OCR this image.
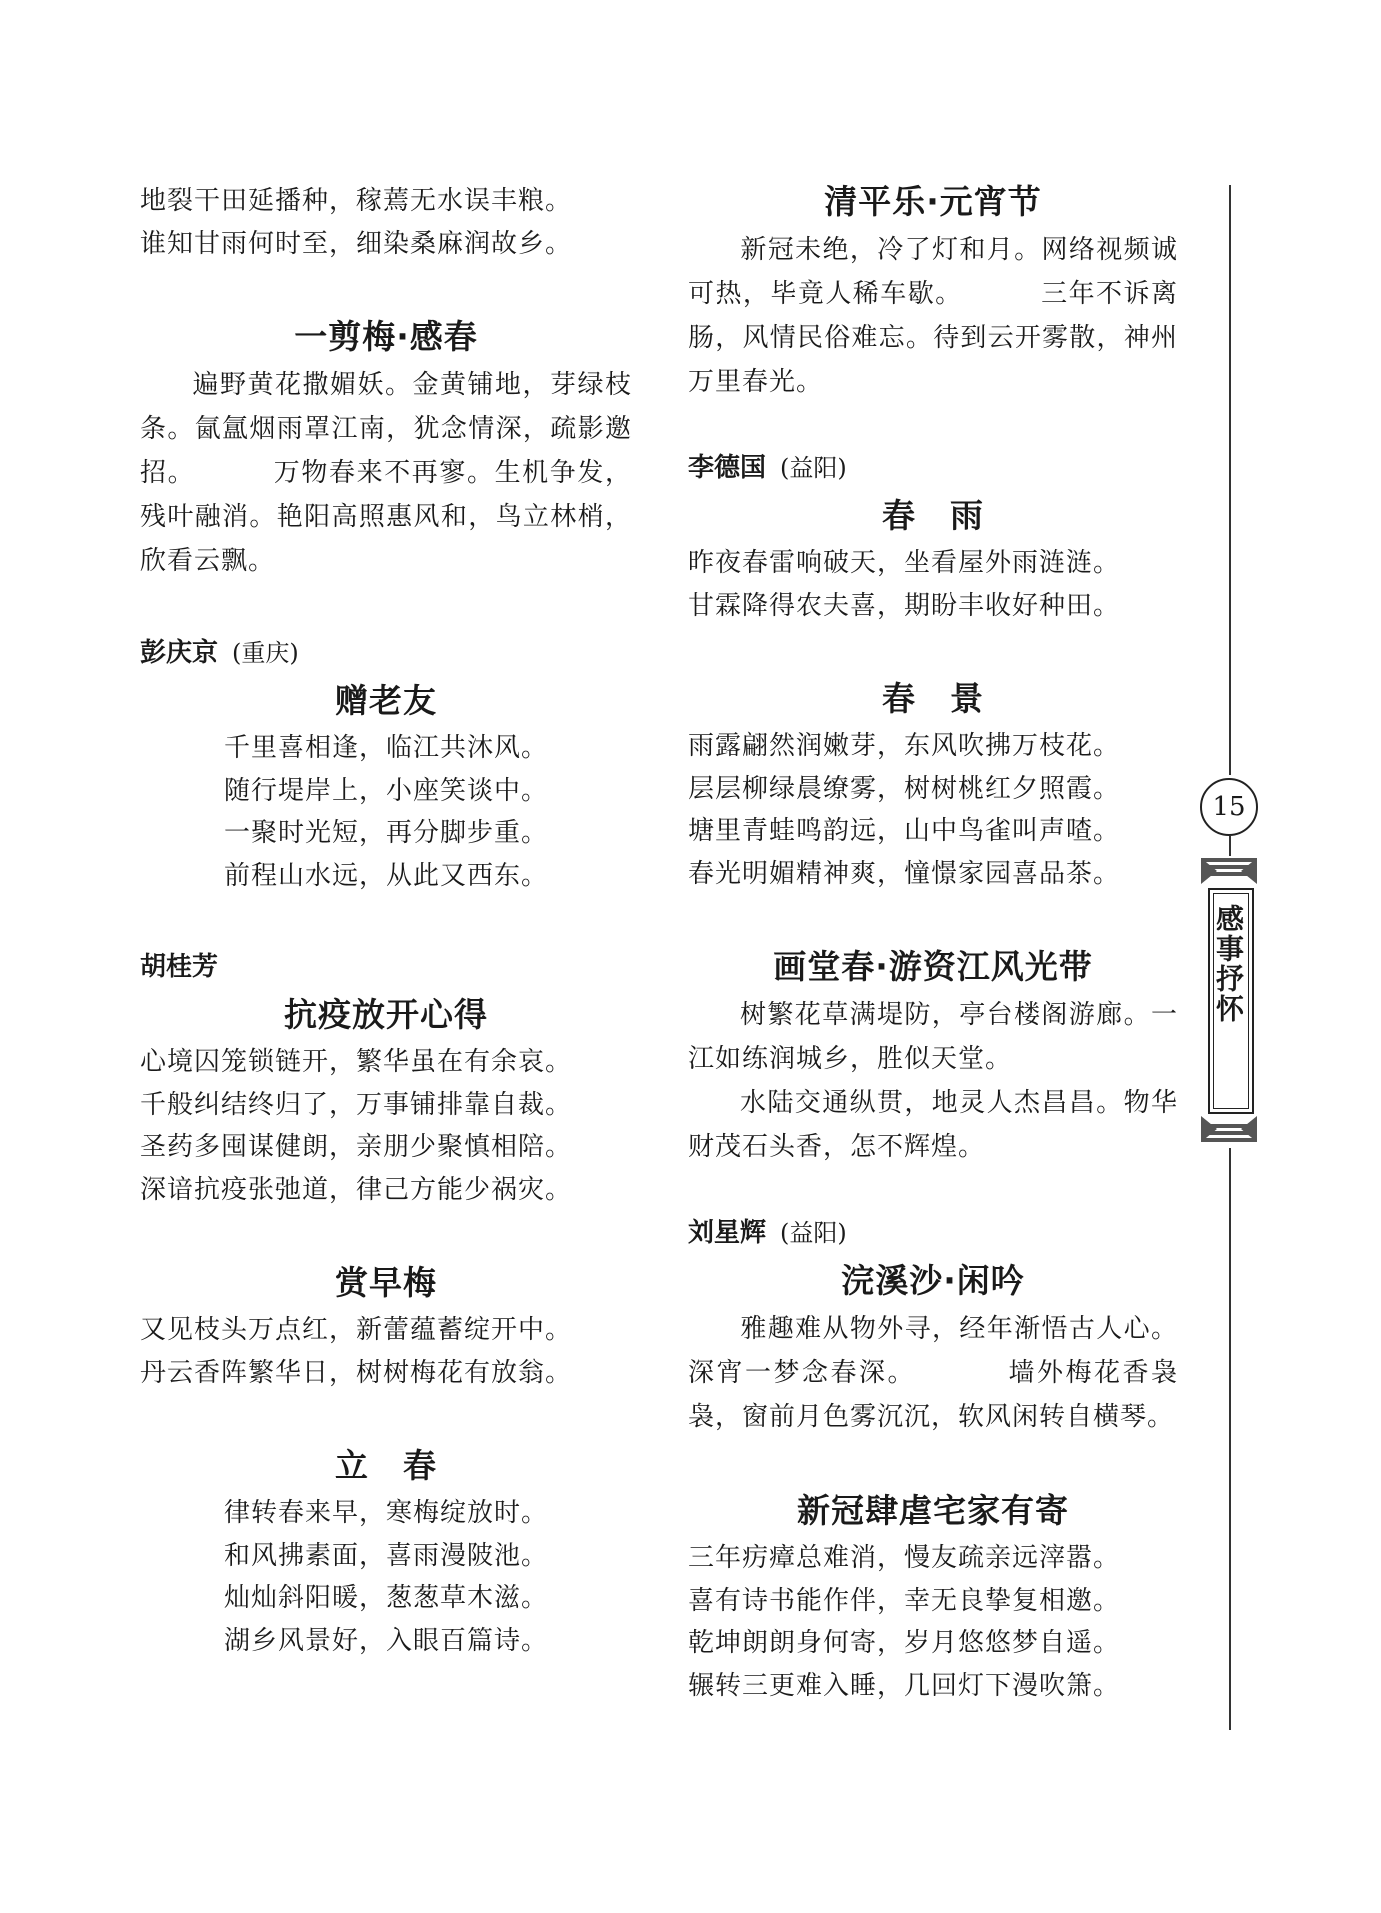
地裂干田延播种，稼蔫无水误丰粮。
谁知甘雨何时至，细染桑麻润故乡。
一剪梅·感春
遍野黄花撒媚妖。金黄铺地，芽绿枝条。氤氲烟雨罩江南，犹念情深，疏影邀招。	万物春来不再寥。生机争发，残叶融消。艳阳高照惠风和，鸟立林梢，欣看云飘。
彭庆京 (重庆)
赠老友
千里喜相逢，临江共沐风。
随行堤岸上，小座笑谈中。
一聚时光短，再分脚步重。
前程山水远，从此又西东。
胡桂芳
抗疫放开心得
心境囚笼锁链开，繁华虽在有余哀。
千般纠结终归了，万事铺排靠自裁。
圣药多囤谋健朗，亲朋少聚慎相陪。
深谙抗疫张弛道，律己方能少祸灾。
赏早梅
又见枝头万点红，新蕾蕴蓄绽开中。
丹云香阵繁华日，树树梅花有放翁。
立　春
律转春来早，寒梅绽放时。
和风拂素面，喜雨漫陂池。
灿灿斜阳暖，葱葱草木滋。
湖乡风景好，入眼百篇诗。
清平乐·元宵节
新冠未绝，冷了灯和月。网络视频诚可热，毕竟人稀车歇。	三年不诉离肠，风情民俗难忘。待到云开雾散，神州万里春光。
李德国 (益阳)
春　雨
昨夜春雷响破天，坐看屋外雨涟涟。
甘霖降得农夫喜，期盼丰收好种田。
春　景
雨露翩然润嫩芽，东风吹拂万枝花。
层层柳绿晨缭雾，树树桃红夕照霞。
塘里青蛙鸣韵远，山中鸟雀叫声喳。
春光明媚精神爽，憧憬家园喜品茶。
画堂春·游资江风光带

树繁花草满堤防，亭台楼阁游廊。一江如练润城乡，胜似天堂。

水陆交通纵贯，地灵人杰昌昌。物华财茂石头香，怎不辉煌。

刘星辉 (益阳)
浣溪沙·闲吟
雅趣难从物外寻，经年渐悟古人心。深宵一梦念春深。	墙外梅花香袅袅，窗前月色雾沉沉，软风闲转自横琴。
新冠肆虐宅家有寄
三年疠瘴总难消，慢友疏亲远滓嚣。
喜有诗书能作伴，幸无良挚复相邀。
乾坤朗朗身何寄，岁月悠悠梦自遥。
辗转三更难入睡，几回灯下漫吹箫。
15
感事抒怀
